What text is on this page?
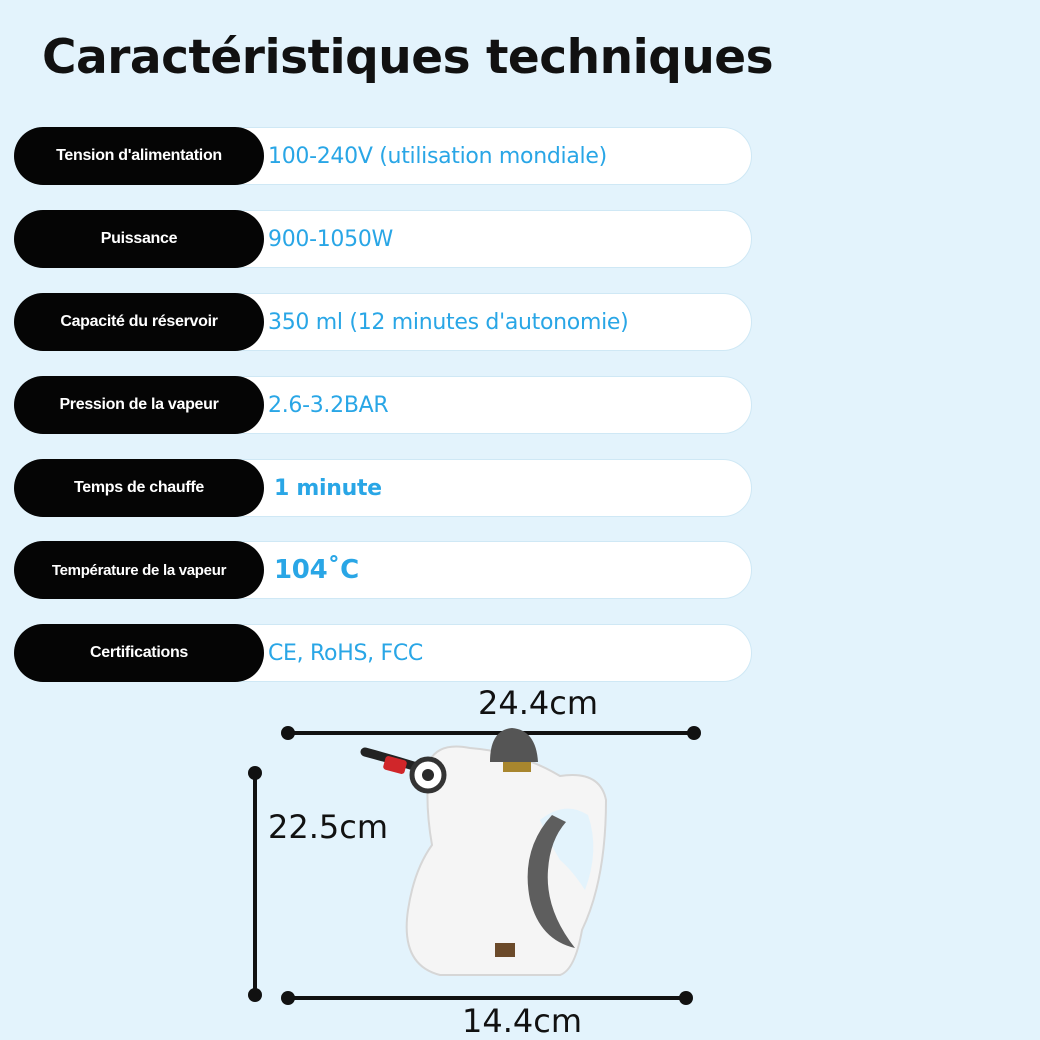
Caractéristiques techniques
Tension d'alimentation	100-240V (utilisation mondiale)
Puissance	900-1050W
Capacité du réservoir	350 ml (12 minutes d'autonomie)
Pression de la vapeur	2.6-3.2BAR
Temps de chauffe	1 minute
Température de la vapeur	104˚C
Certifications	CE, RoHS, FCC
24.4cm
22.5cm
14.4cm
